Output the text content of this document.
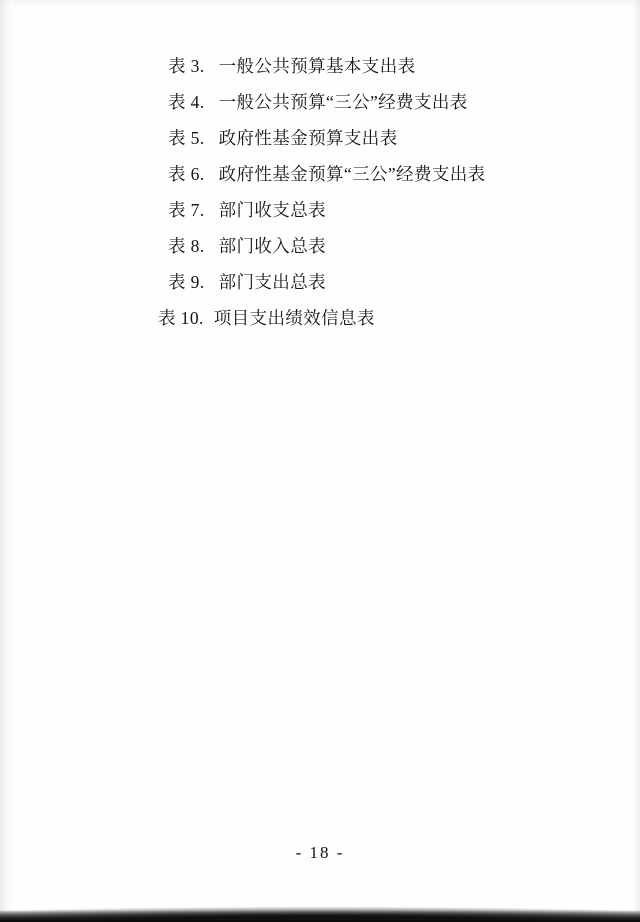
表 3. 一般公共预算基本支出表
表 4. 一般公共预算“三公”经费支出表
表 5. 政府性基金预算支出表
表 6. 政府性基金预算“三公”经费支出表
表 7. 部门收支总表
表 8. 部门收入总表
表 9. 部门支出总表
表 10. 项目支出绩效信息表
- 18 -
